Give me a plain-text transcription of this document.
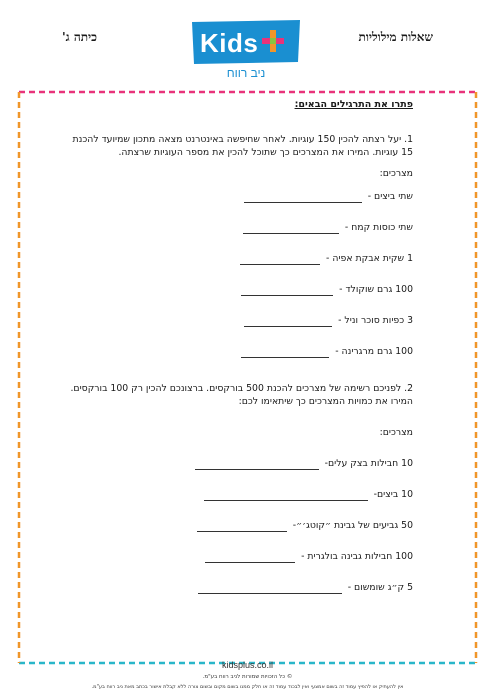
כיתה ג'	שאלות מילוליות
Kids
ניב רווח
פתרו את התרגילים הבאים:
1. יעל רצתה להכין 150 עוגיות. לאחר שחיפשה באינטרנט מצאה מתכון שמיועד להכנת 15 עוגיות. המירו את המצרכים כך שתוכל להכין את מספר העוגיות שרצתה.
מצרכים:
שתי ביצים -
שתי כוסות קמח -
1 שקית אבקת אפיה -
100 גרם שוקולד -
3 כפיות סוכר וניל -
100 גרם מרגרינה -
2. לפניכם רשימה של מצרכים להכנת 500 בורקסים. ברצונכם להכין רק 100 בורקסים. המירו את כמויות המצרכים כך שיתאימו לכם:
מצרכים:
10 חבילות בצק עלים-
10 ביצים-
50 גביעים של גבינת ״קוטג׳״-
100 חבילות גבינה בולגרית -
5 ק״ג שומשום -
kidsplus.co.il
© כל הזכויות שמורות לניב רווח בע"מ.
אין להעתיק או להפיץ עמוד זה בשום אמצעי ואין לבכוד עמוד זה או חלק ממנו בשום מקום ובשום צורה ללא קבלת אישור בכתב מאת ניב רווח בע"מ.
